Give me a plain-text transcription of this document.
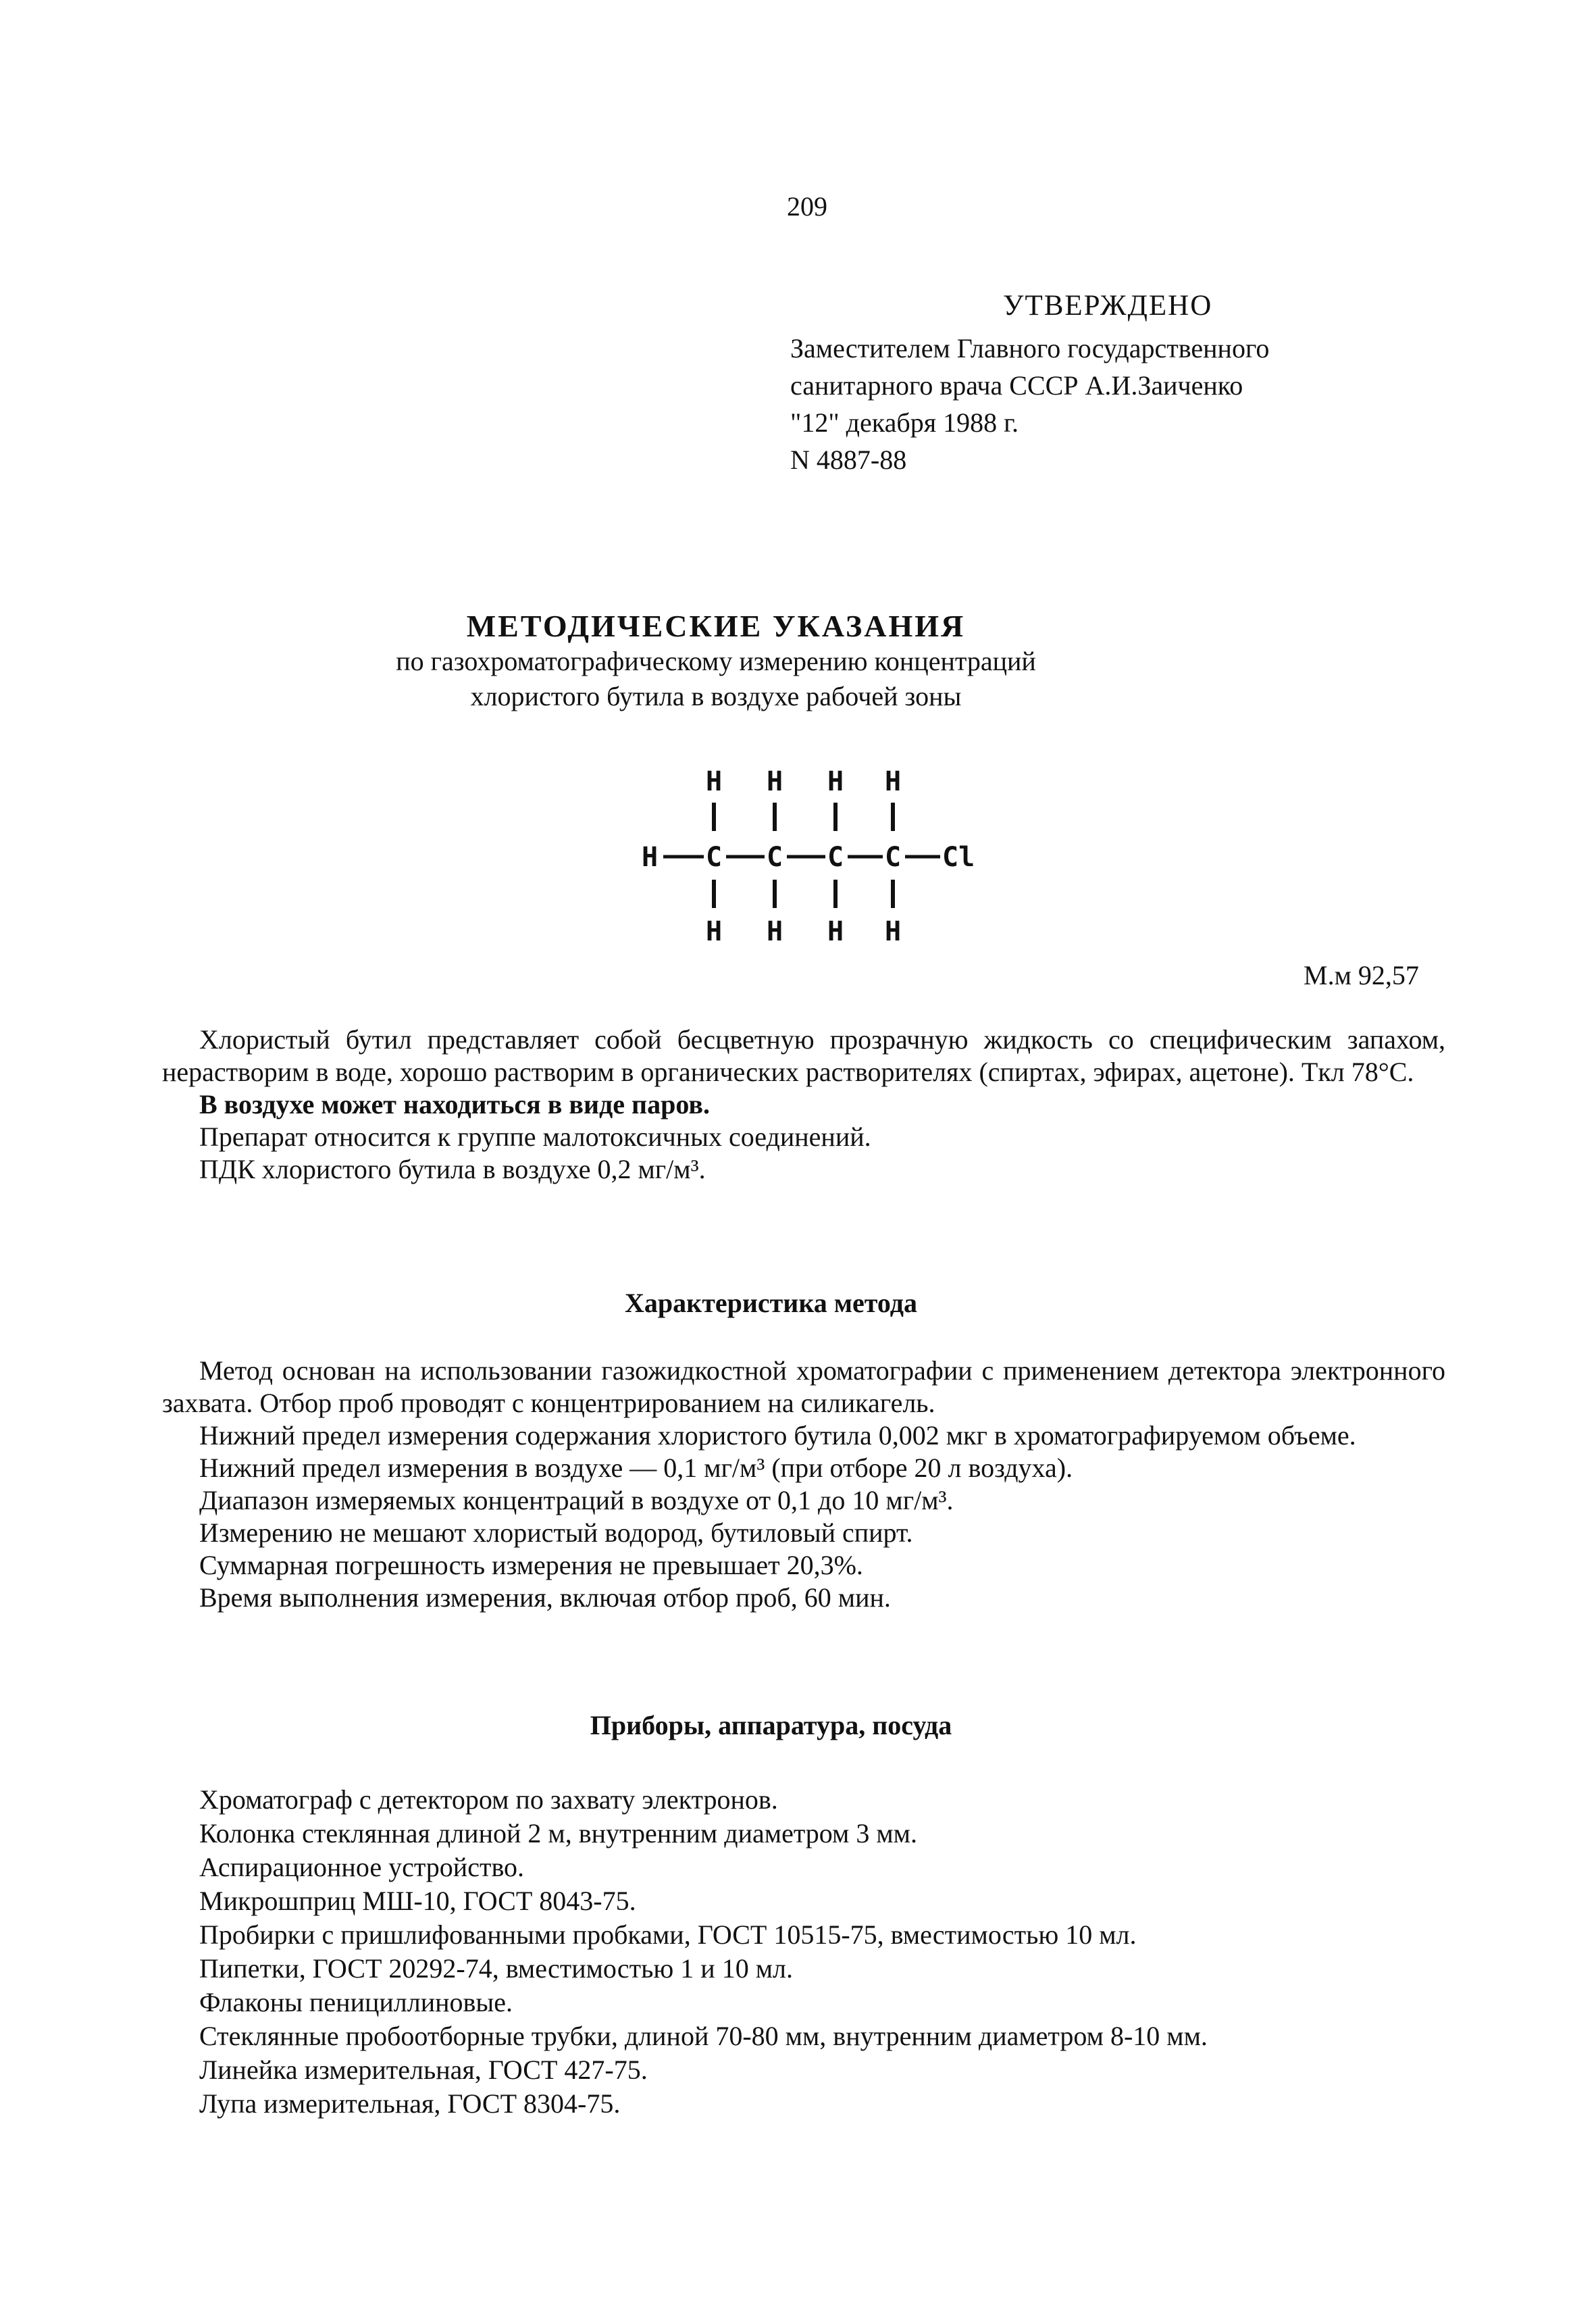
209
УТВЕРЖДЕНО
Заместителем Главного государственного
санитарного врача СССР А.И.Заиченко
"12" декабря 1988 г.
N 4887-88
МЕТОДИЧЕСКИЕ УКАЗАНИЯ
по газохроматографическому измерению концентраций
хлористого бутила в воздухе рабочей зоны
H H H H
H C C C C Cl
H H H H
М.м 92,57

Хлористый бутил представляет собой бесцветную прозрачную жидкость со специфическим запахом, нерастворим в воде, хорошо растворим в органических растворителях (спиртах, эфирах, ацетоне). Tкл 78°С.

В воздухе может находиться в виде паров.

Препарат относится к группе малотоксичных соединений.

ПДК хлористого бутила в воздухе 0,2 мг/м³.

Характеристика метода

Метод основан на использовании газожидкостной хроматографии с применением детектора электронного захвата. Отбор проб проводят с концентрированием на силикагель.

Нижний предел измерения содержания хлористого бутила 0,002 мкг в хроматографируемом объеме.

Нижний предел измерения в воздухе — 0,1 мг/м³ (при отборе 20 л воздуха).

Диапазон измеряемых концентраций в воздухе от 0,1 до 10 мг/м³.

Измерению не мешают хлористый водород, бутиловый спирт.

Суммарная погрешность измерения не превышает 20,3%.

Время выполнения измерения, включая отбор проб, 60 мин.

Приборы, аппаратура, посуда

Хроматограф с детектором по захвату электронов.

Колонка стеклянная длиной 2 м, внутренним диаметром 3 мм.

Аспирационное устройство.

Микрошприц МШ-10, ГОСТ 8043-75.

Пробирки с пришлифованными пробками, ГОСТ 10515-75, вместимостью 10 мл.

Пипетки, ГОСТ 20292-74, вместимостью 1 и 10 мл.

Флаконы пенициллиновые.

Стеклянные пробоотборные трубки, длиной 70-80 мм, внутренним диаметром 8-10 мм.

Линейка измерительная, ГОСТ 427-75.

Лупа измерительная, ГОСТ 8304-75.
